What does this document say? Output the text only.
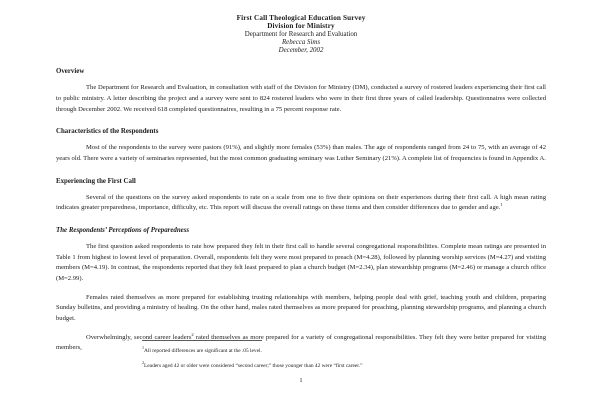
First Call Theological Education Survey
Division for Ministry
Department for Research and Evaluation
Rebecca Sims
December, 2002
Overview

The Department for Research and Evaluation, in consultation with staff of the Division for Ministry (DM), conducted a survey of rostered leaders experiencing their first call to public ministry. A letter describing the project and a survey were sent to 824 rostered leaders who were in their first three years of called leadership. Questionnaires were collected through December 2002. We received 618 completed questionnaires, resulting in a 75 percent response rate.

Characteristics of the Respondents

Most of the respondents to the survey were pastors (91%), and slightly more females (53%) than males. The age of respondents ranged from 24 to 75, with an average of 42 years old. There were a variety of seminaries represented, but the most common graduating seminary was Luther Seminary (21%). A complete list of frequencies is found in Appendix A.

Experiencing the First Call

Several of the questions on the survey asked respondents to rate on a scale from one to five their opinions on their experiences during their first call. A high mean rating indicates greater preparedness, importance, difficulty, etc. This report will discuss the overall ratings on these items and then consider differences due to gender and age.$^1$

The Respondents’ Perceptions of Preparedness

The first question asked respondents to rate how prepared they felt in their first call to handle several congregational responsibilities. Complete mean ratings are presented in Table 1 from highest to lowest level of preparation. Overall, respondents felt they were most prepared to preach (M=4.28), followed by planning worship services (M=4.27) and visiting members (M=4.19). In contrast, the respondents reported that they felt least prepared to plan a church budget (M=2.34), plan stewardship programs (M=2.46) or manage a church office (M=2.99).

Females rated themselves as more prepared for establishing trusting relationships with members, helping people deal with grief, teaching youth and children, preparing Sunday bulletins, and providing a ministry of healing. On the other hand, males rated themselves as more prepared for preaching, planning stewardship programs, and planning a church budget.

Overwhelmingly, second career leaders$^2$ rated themselves as more prepared for a variety of congregational responsibilities. They felt they were better prepared for visiting members,	$^1$All reported differences are significant at the .05 level.

$^2$Leaders aged 42 or older were considered “second career;” those younger than 42 were “first career.”

1
